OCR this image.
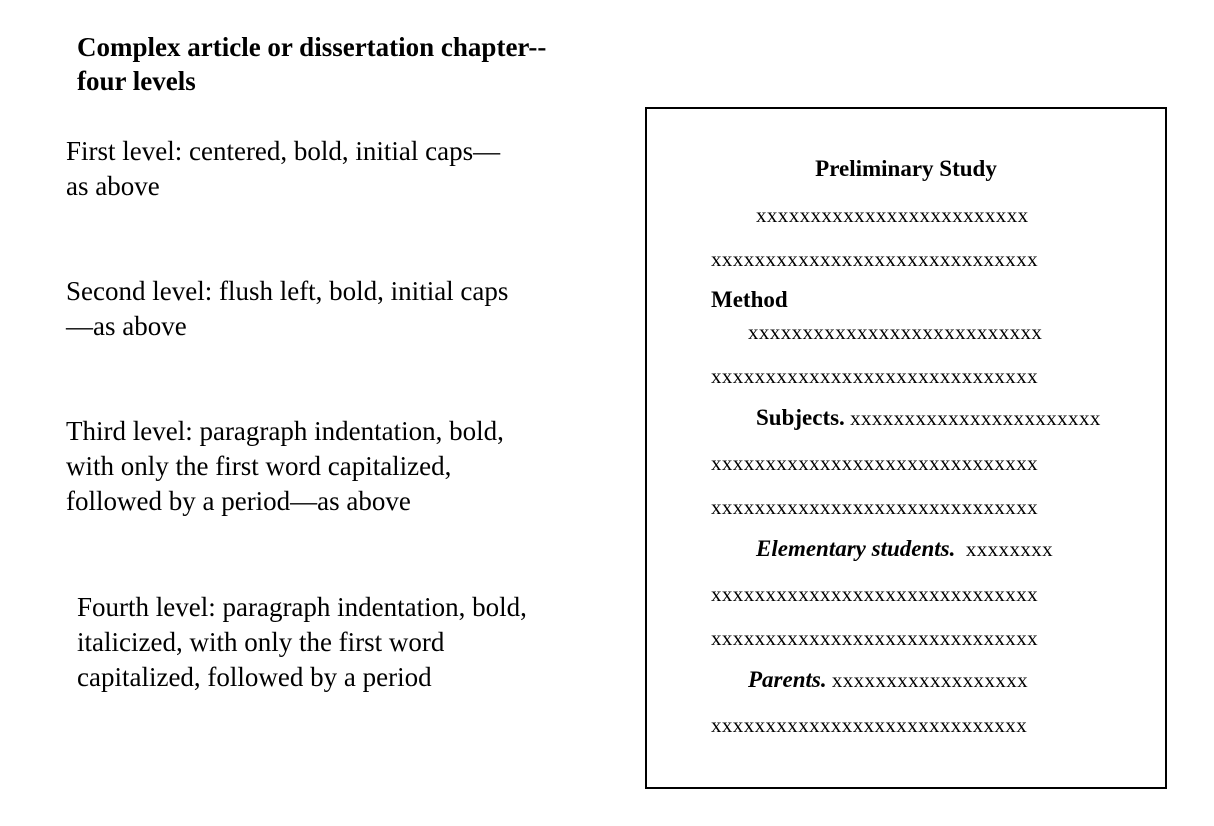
Complex article or dissertation chapter--
four levels
First level: centered, bold, initial caps—
as above
Second level: flush left, bold, initial caps
—as above
Third level: paragraph indentation, bold,
with only the first word capitalized,
followed by a period—as above
Fourth level: paragraph indentation, bold,
italicized, with only the first word
capitalized, followed by a period
Preliminary Study
xxxxxxxxxxxxxxxxxxxxxxxxx
xxxxxxxxxxxxxxxxxxxxxxxxxxxxxx
Method
xxxxxxxxxxxxxxxxxxxxxxxxxxx
xxxxxxxxxxxxxxxxxxxxxxxxxxxxxx
Subjects. xxxxxxxxxxxxxxxxxxxxxxx
xxxxxxxxxxxxxxxxxxxxxxxxxxxxxx
xxxxxxxxxxxxxxxxxxxxxxxxxxxxxx
Elementary students. xxxxxxxx
xxxxxxxxxxxxxxxxxxxxxxxxxxxxxx
xxxxxxxxxxxxxxxxxxxxxxxxxxxxxx
Parents. xxxxxxxxxxxxxxxxxx
xxxxxxxxxxxxxxxxxxxxxxxxxxxxx
